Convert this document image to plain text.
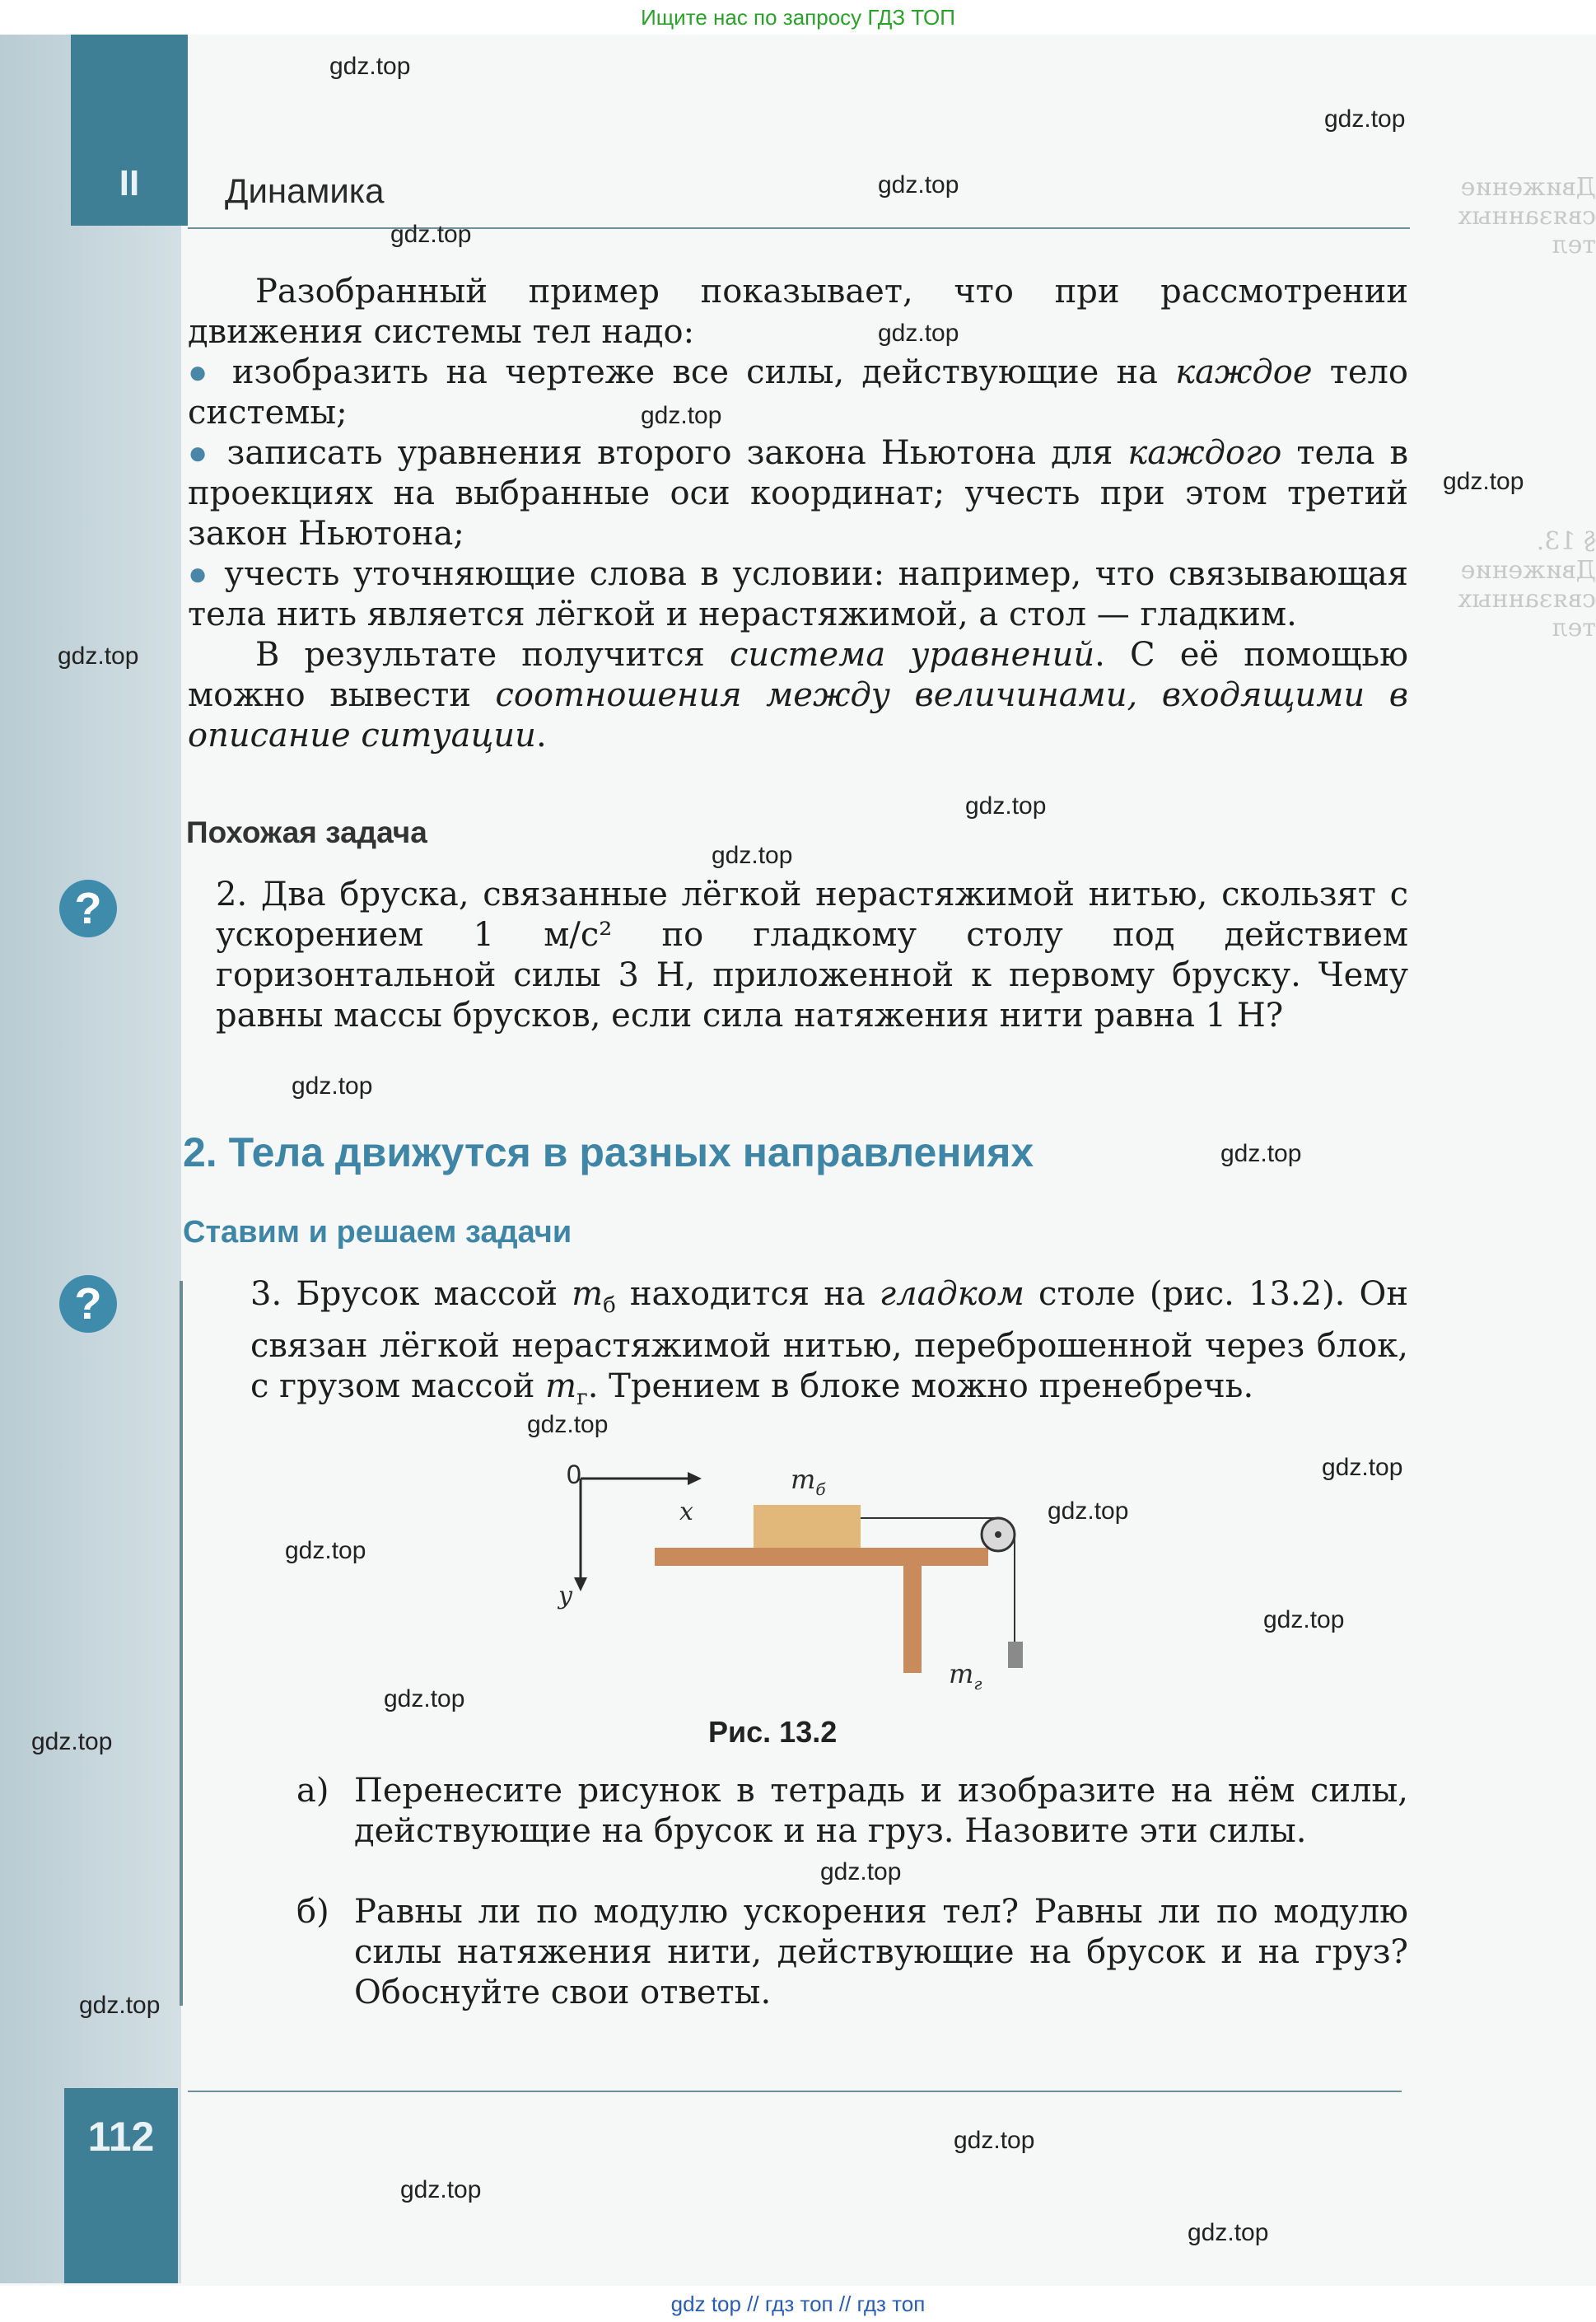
Ищите нас по запросу ГДЗ ТОП
II	Динамика	Движение связанных тел
§ 13. Движение связанных тел
Разобранный пример показывает, что при рассмотрении движения системы тел надо:
● изобразить на чертеже все силы, действующие на каждое тело системы;
● записать уравнения второго закона Ньютона для каждого тела в проекциях на выбранные оси координат; учесть при этом третий закон Ньютона;
● учесть уточняющие слова в условии: например, что связывающая тела нить является лёгкой и нерастяжимой, а стол — гладким.
В результате получится система уравнений. С её помощью можно вывести соотношения между величинами, входящими в описание ситуации.
Похожая задача
?	2. Два бруска, связанные лёгкой нерастяжимой нитью, скользят с ускорением 1 м/с² по гладкому столу под действием горизонтальной силы 3 Н, приложенной к первому бруску. Чему равны массы брусков, если сила натяжения нити равна 1 Н?
2. Тела движутся в разных направлениях
Ставим и решаем задачи
?	3. Брусок массой $m_б$ находится на гладком столе (рис. 13.2). Он связан лёгкой нерастяжимой нитью, переброшенной через блок, с грузом массой $m_г$. Трением в блоке можно пренебречь.
0
x
y
$m_б$
$m_г$
Рис. 13.2
а) Перенесите рисунок в тетрадь и изобразите на нём силы, действующие на брусок и на груз. Назовите эти силы.
б) Равны ли по модулю ускорения тел? Равны ли по модулю силы натяжения нити, действующие на брусок и на груз? Обоснуйте свои ответы.
112
gdz.top
gdz.top
gdz.top
gdz.top
gdz.top
gdz.top
gdz.top
gdz.top
gdz.top
gdz.top
gdz.top
gdz.top
gdz.top
gdz.top
gdz.top
gdz.top
gdz.top
gdz.top
gdz.top
gdz.top
gdz.top
gdz.top
gdz.top
gdz.top
gdz top // гдз топ // гдз топ
